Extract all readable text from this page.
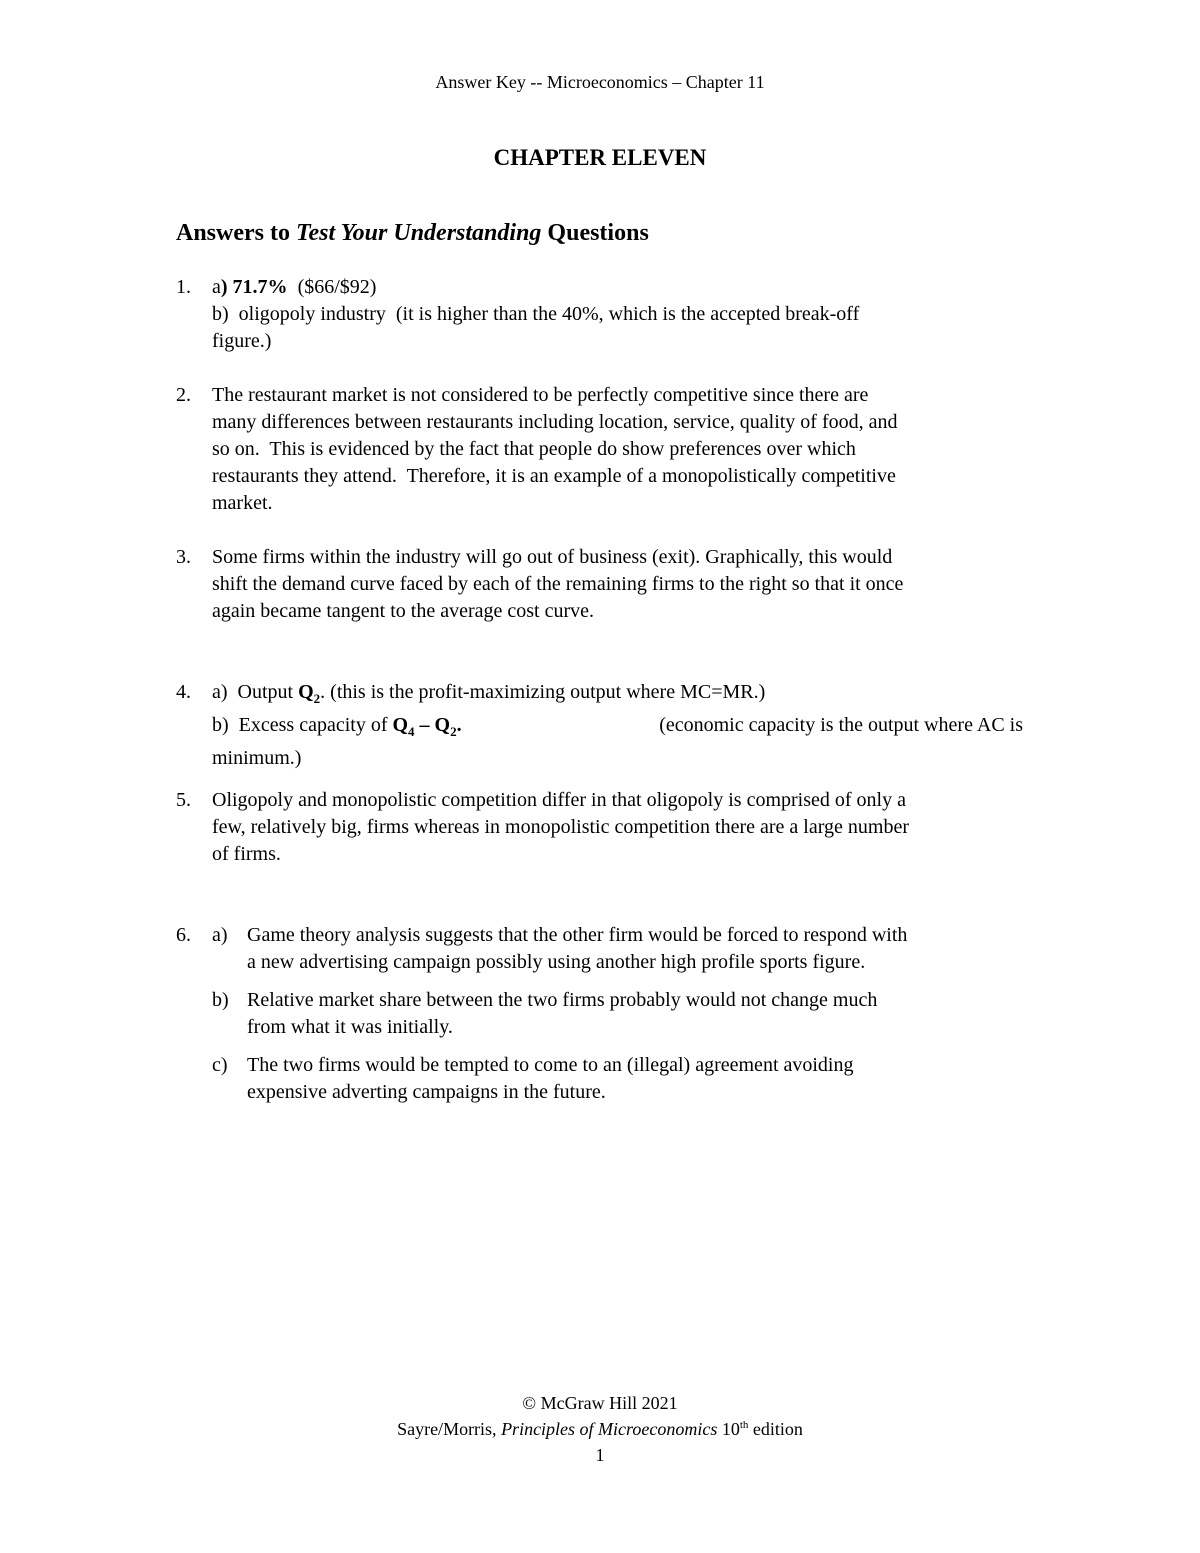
Answer Key -- Microeconomics – Chapter 11
CHAPTER ELEVEN
Answers to Test Your Understanding Questions
1.	a) 71.7%  ($66/$92)

b)  oligopoly industry  (it is higher than the 40%, which is the accepted break-off

figure.)

2.	The restaurant market is not considered to be perfectly competitive since there are

many differences between restaurants including location, service, quality of food, and

so on.  This is evidenced by the fact that people do show preferences over which

restaurants they attend.  Therefore, it is an example of a monopolistically competitive

market.

3.	Some firms within the industry will go out of business (exit). Graphically, this would

shift the demand curve faced by each of the remaining firms to the right so that it once

again became tangent to the average cost curve.

4.	a)  Output $Q_2$. (this is the profit-maximizing output where MC=MR.)

b)  Excess capacity of $Q_4 - Q_2$.	(economic capacity is the output where AC is

minimum.)

5.	Oligopoly and monopolistic competition differ in that oligopoly is comprised of only a

few, relatively big, firms whereas in monopolistic competition there are a large number

of firms.

6.	a) Game theory analysis suggests that the other firm would be forced to respond with

a new advertising campaign possibly using another high profile sports figure.

b) Relative market share between the two firms probably would not change much

from what it was initially.

c) The two firms would be tempted to come to an (illegal) agreement avoiding

expensive adverting campaigns in the future.

© McGraw Hill 2021
Sayre/Morris, Principles of Microeconomics 10th edition
1
